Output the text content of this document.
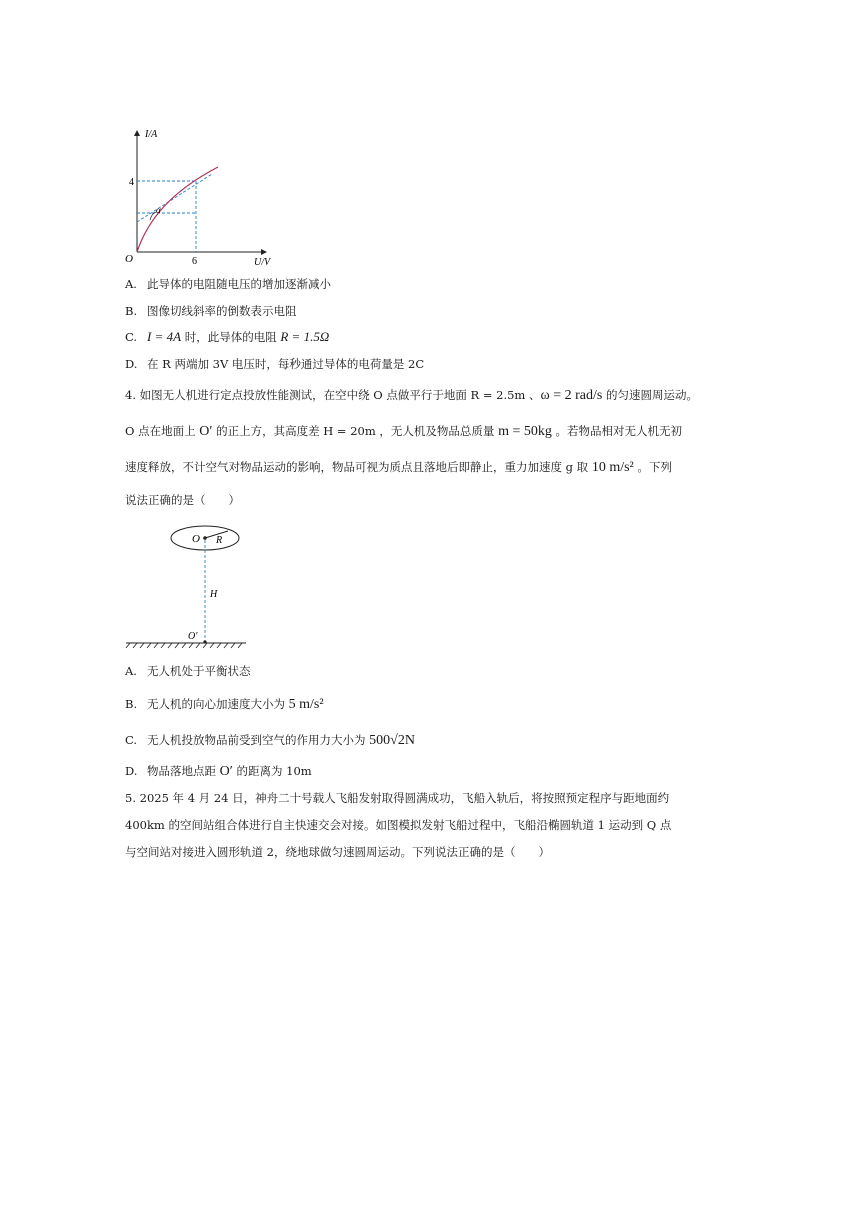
I/A
U/V
O
4
6
α
A. 此导体的电阻随电压的增加逐渐减小
B. 图像切线斜率的倒数表示电阻
C. I = 4A 时，此导体的电阻 R = 1.5Ω
D. 在 R 两端加 3V 电压时，每秒通过导体的电荷量是 2C
4. 如图无人机进行定点投放性能测试，在空中绕 O 点做平行于地面 R = 2.5m 、ω = 2 rad/s 的匀速圆周运动。
O 点在地面上 O′ 的正上方，其高度差 H = 20m ，无人机及物品总质量 m = 50kg 。若物品相对无人机无初
速度释放，不计空气对物品运动的影响，物品可视为质点且落地后即静止，重力加速度 g 取 10 m/s² 。下列
说法正确的是（　　）
O R
H
O′
A. 无人机处于平衡状态
B. 无人机的向心加速度大小为 5 m/s²
C. 无人机投放物品前受到空气的作用力大小为 500√2N
D. 物品落地点距 O′ 的距离为 10m
5. 2025 年 4 月 24 日，神舟二十号载人飞船发射取得圆满成功，飞船入轨后，将按照预定程序与距地面约
400km 的空间站组合体进行自主快速交会对接。如图模拟发射飞船过程中，飞船沿椭圆轨道 1 运动到 Q 点
与空间站对接进入圆形轨道 2，绕地球做匀速圆周运动。下列说法正确的是（　　）
